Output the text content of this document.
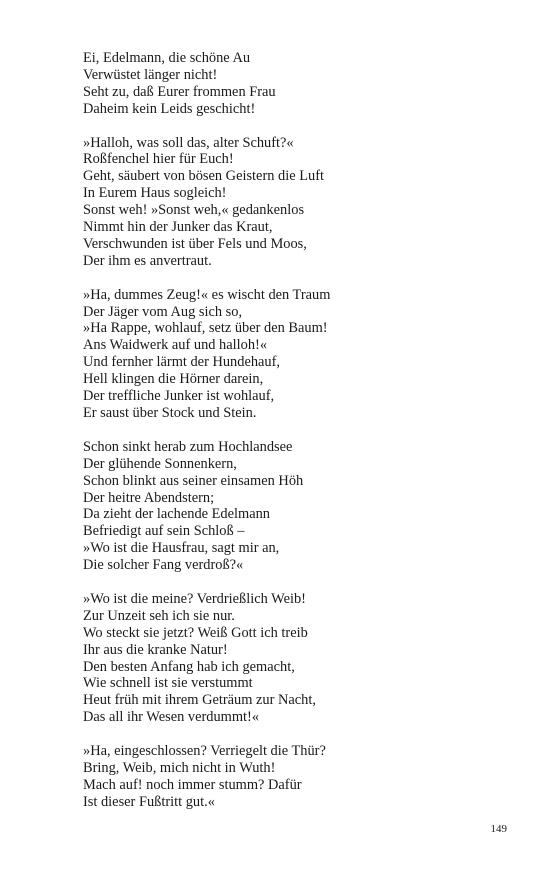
Ei, Edelmann, die schöne Au
Verwüstet länger nicht!
Seht zu, daß Eurer frommen Frau
Daheim kein Leids geschicht!
»Halloh, was soll das, alter Schuft?«
Roßfenchel hier für Euch!
Geht, säubert von bösen Geistern die Luft
In Eurem Haus sogleich!
Sonst weh! »Sonst weh,« gedankenlos
Nimmt hin der Junker das Kraut,
Verschwunden ist über Fels und Moos,
Der ihm es anvertraut.
»Ha, dummes Zeug!« es wischt den Traum
Der Jäger vom Aug sich so,
»Ha Rappe, wohlauf, setz über den Baum!
Ans Waidwerk auf und halloh!«
Und fernher lärmt der Hundehauf,
Hell klingen die Hörner darein,
Der treffliche Junker ist wohlauf,
Er saust über Stock und Stein.
Schon sinkt herab zum Hochlandsee
Der glühende Sonnenkern,
Schon blinkt aus seiner einsamen Höh
Der heitre Abendstern;
Da zieht der lachende Edelmann
Befriedigt auf sein Schloß –
»Wo ist die Hausfrau, sagt mir an,
Die solcher Fang verdroß?«
»Wo ist die meine? Verdrießlich Weib!
Zur Unzeit seh ich sie nur.
Wo steckt sie jetzt? Weiß Gott ich treib
Ihr aus die kranke Natur!
Den besten Anfang hab ich gemacht,
Wie schnell ist sie verstummt
Heut früh mit ihrem Geträum zur Nacht,
Das all ihr Wesen verdummt!«
»Ha, eingeschlossen? Verriegelt die Thür?
Bring, Weib, mich nicht in Wuth!
Mach auf! noch immer stumm? Dafür
Ist dieser Fußtritt gut.«
149
